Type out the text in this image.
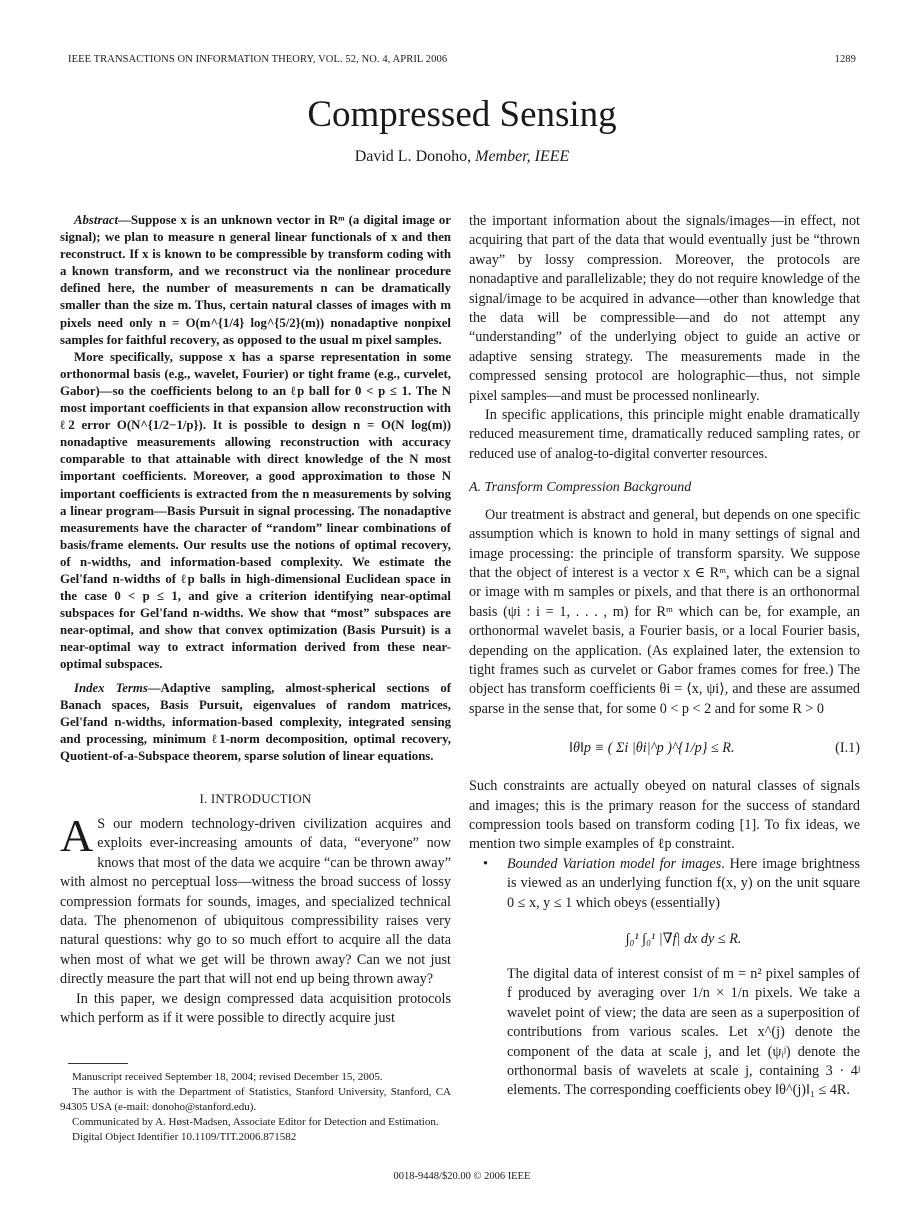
IEEE TRANSACTIONS ON INFORMATION THEORY, VOL. 52, NO. 4, APRIL 2006	1289
Compressed Sensing
David L. Donoho, Member, IEEE

Abstract—Suppose x is an unknown vector in Rᵐ (a digital image or signal); we plan to measure n general linear functionals of x and then reconstruct. If x is known to be compressible by transform coding with a known transform, and we reconstruct via the nonlinear procedure defined here, the number of measurements n can be dramatically smaller than the size m. Thus, certain natural classes of images with m pixels need only n = O(m^{1/4} log^{5/2}(m)) nonadaptive nonpixel samples for faithful recovery, as opposed to the usual m pixel samples.

More specifically, suppose x has a sparse representation in some orthonormal basis (e.g., wavelet, Fourier) or tight frame (e.g., curvelet, Gabor)—so the coefficients belong to an ℓp ball for 0 < p ≤ 1. The N most important coefficients in that expansion allow reconstruction with ℓ2 error O(N^{1/2−1/p}). It is possible to design n = O(N log(m)) nonadaptive measurements allowing reconstruction with accuracy comparable to that attainable with direct knowledge of the N most important coefficients. Moreover, a good approximation to those N important coefficients is extracted from the n measurements by solving a linear program—Basis Pursuit in signal processing. The nonadaptive measurements have the character of “random” linear combinations of basis/frame elements. Our results use the notions of optimal recovery, of n-widths, and information-based complexity. We estimate the Gel'fand n-widths of ℓp balls in high-dimensional Euclidean space in the case 0 < p ≤ 1, and give a criterion identifying near-optimal subspaces for Gel'fand n-widths. We show that “most” subspaces are near-optimal, and show that convex optimization (Basis Pursuit) is a near-optimal way to extract information derived from these near-optimal subspaces.

Index Terms—Adaptive sampling, almost-spherical sections of Banach spaces, Basis Pursuit, eigenvalues of random matrices, Gel'fand n-widths, information-based complexity, integrated sensing and processing, minimum ℓ1-norm decomposition, optimal recovery, Quotient-of-a-Subspace theorem, sparse solution of linear equations.

I. INTRODUCTION

A S our modern technology-driven civilization acquires and exploits ever-increasing amounts of data, “everyone” now knows that most of the data we acquire “can be thrown away” with almost no perceptual loss—witness the broad success of lossy compression formats for sounds, images, and specialized technical data. The phenomenon of ubiquitous compressibility raises very natural questions: why go to so much effort to acquire all the data when most of what we get will be thrown away? Can we not just directly measure the part that will not end up being thrown away?

In this paper, we design compressed data acquisition protocols which perform as if it were possible to directly acquire just

Manuscript received September 18, 2004; revised December 15, 2005.

The author is with the Department of Statistics, Stanford University, Stanford, CA 94305 USA (e-mail: donoho@stanford.edu).

Communicated by A. Høst-Madsen, Associate Editor for Detection and Estimation.

Digital Object Identifier 10.1109/TIT.2006.871582

the important information about the signals/images—in effect, not acquiring that part of the data that would eventually just be “thrown away” by lossy compression. Moreover, the protocols are nonadaptive and parallelizable; they do not require knowledge of the signal/image to be acquired in advance—other than knowledge that the data will be compressible—and do not attempt any “understanding” of the underlying object to guide an active or adaptive sensing strategy. The measurements made in the compressed sensing protocol are holographic—thus, not simple pixel samples—and must be processed nonlinearly.

In specific applications, this principle might enable dramatically reduced measurement time, dramatically reduced sampling rates, or reduced use of analog-to-digital converter resources.

A. Transform Compression Background

Our treatment is abstract and general, but depends on one specific assumption which is known to hold in many settings of signal and image processing: the principle of transform sparsity. We suppose that the object of interest is a vector x ∈ Rᵐ, which can be a signal or image with m samples or pixels, and that there is an orthonormal basis (ψi : i = 1, . . . , m) for Rᵐ which can be, for example, an orthonormal wavelet basis, a Fourier basis, or a local Fourier basis, depending on the application. (As explained later, the extension to tight frames such as curvelet or Gabor frames comes for free.) The object has transform coefficients θi = ⟨x, ψi⟩, and these are assumed sparse in the sense that, for some 0 < p < 2 and for some R > 0

‖θ‖p ≡ ( Σi |θi|^p )^{1/p} ≤ R.	(I.1)

Such constraints are actually obeyed on natural classes of signals and images; this is the primary reason for the success of standard compression tools based on transform coding [1]. To fix ideas, we mention two simple examples of ℓp constraint.

• Bounded Variation model for images. Here image brightness is viewed as an underlying function f(x, y) on the unit square 0 ≤ x, y ≤ 1 which obeys (essentially)

∫₀¹ ∫₀¹ |∇f| dx dy ≤ R.

The digital data of interest consist of m = n² pixel samples of f produced by averaging over 1/n × 1/n pixels. We take a wavelet point of view; the data are seen as a superposition of contributions from various scales. Let x^(j) denote the component of the data at scale j, and let (ψᵢʲ) denote the orthonormal basis of wavelets at scale j, containing 3 · 4ʲ elements. The corresponding coefficients obey ‖θ^(j)‖₁ ≤ 4R.

0018-9448/$20.00 © 2006 IEEE
